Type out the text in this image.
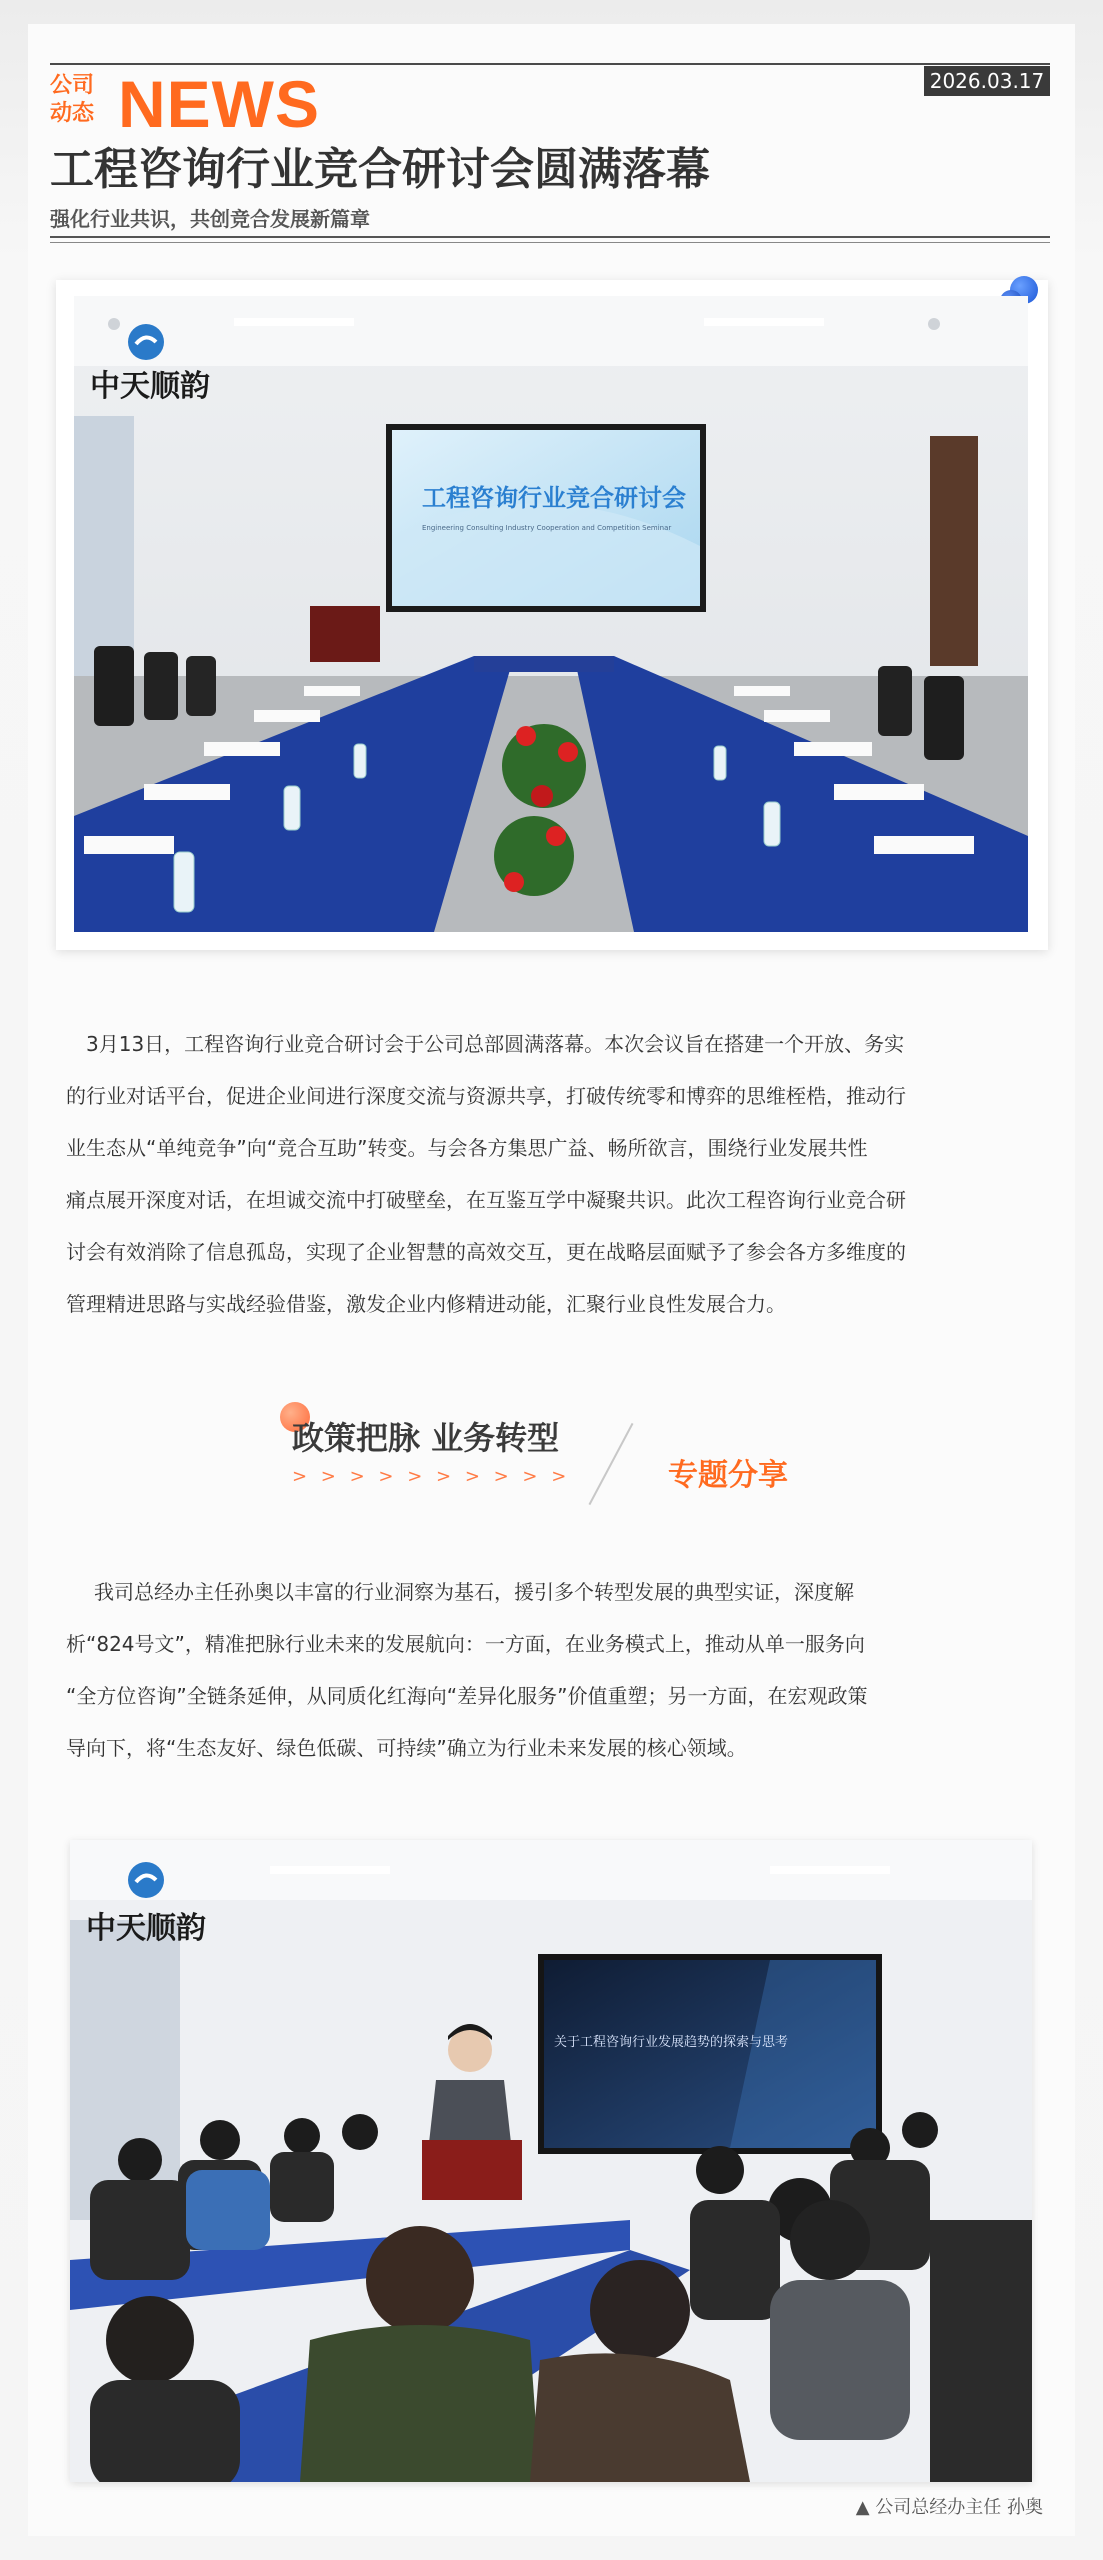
2026.03.17
公司动态 NEWS
工程咨询行业竞合研讨会圆满落幕
强化行业共识，共创竞合发展新篇章
中天顺韵
工程咨询行业竞合研讨会
Engineering Consulting Industry Cooperation and Competition Seminar
3月13日，工程咨询行业竞合研讨会于公司总部圆满落幕。本次会议旨在搭建一个开放、务实
的行业对话平台，促进企业间进行深度交流与资源共享，打破传统零和博弈的思维桎梏，推动行
业生态从“单纯竞争”向“竞合互助”转变。与会各方集思广益、畅所欲言，围绕行业发展共性
痛点展开深度对话，在坦诚交流中打破壁垒，在互鉴互学中凝聚共识。此次工程咨询行业竞合研
讨会有效消除了信息孤岛，实现了企业智慧的高效交互，更在战略层面赋予了参会各方多维度的
管理精进思路与实战经验借鉴，激发企业内修精进动能，汇聚行业良性发展合力。
政策把脉 业务转型
> > > > > > > > > >	专题分享
我司总经办主任孙奥以丰富的行业洞察为基石，援引多个转型发展的典型实证，深度解
析“824号文”，精准把脉行业未来的发展航向：一方面，在业务模式上，推动从单一服务向
“全方位咨询”全链条延伸，从同质化红海向“差异化服务”价值重塑；另一方面，在宏观政策
导向下，将“生态友好、绿色低碳、可持续”确立为行业未来发展的核心领域。
关于工程咨询行业发展趋势的探索与思考
中天顺韵
▲ 公司总经办主任 孙奥
